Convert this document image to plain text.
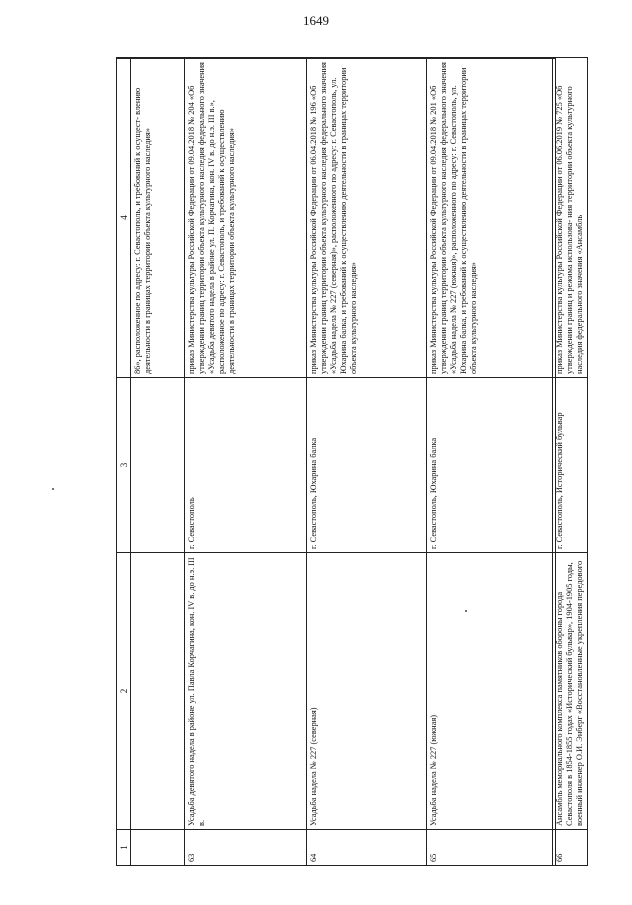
1649
1	2	3	4
			86», расположенное по адресу: г. Севастополь, и требований к осущест- влению деятельности в границах территории объекта культурного наследия»
63	Усадьба девятого надела в районе ул. Павла Корчагина, кон. IV в. до н.э. III в.	г. Севастополь	приказ Министерства культуры Российской Федерации от 09.04.2018 № 204 «Об утверждении границ территории объекта культурного наследия федерального значения «Усадьба девятого надела в районе ул. П. Корчагина, кон. IV в. до н.э. III в.», расположенное по адресу: г. Севастополь, и требований к осуществлению деятельности в границах территории объекта культурного наследия»
64	Усадьба надела № 227 (северная)	г. Севастополь, Юхарина балка	приказ Министерства культуры Российской Федерации от 06.04.2018 № 196 «Об утверждении границ территории объекта культурного наследия федерального значения «Усадьба надела № 227 (северная)», расположенного по адресу: г. Севастополь, ул. Юхарина балка, и требований к осуществлению деятельности в границах территории объекта культурного наследия»
65	Усадьба надела № 227 (южная)	г. Севастополь, Юхарина балка	приказ Министерства культуры Российской Федерации от 09.04.2018 № 201 «Об утверждении границ территории объекта культурного наследия федерального значения «Усадьба надела № 227 (южная)», расположенного по адресу: г. Севастополь, ул. Юхарина балка, и требований к осуществлению деятельности в границах территории объекта культурного наследия»
66	Ансамбль мемориального комплекса памятников обороны города Севастополя в 1854-1855 годах «Исторический бульвар», 1904-1905 годы, военный инженер О.И. Энберг «Восстановленные укрепления передового	г. Севастополь, Исторический бульвар	приказ Министерства культуры Российской Федерации от 06.06.2019 № 725 «Об утверждении границ и режима использова- ния территории объекта культурного наследия федерального значения «Ансамбль
